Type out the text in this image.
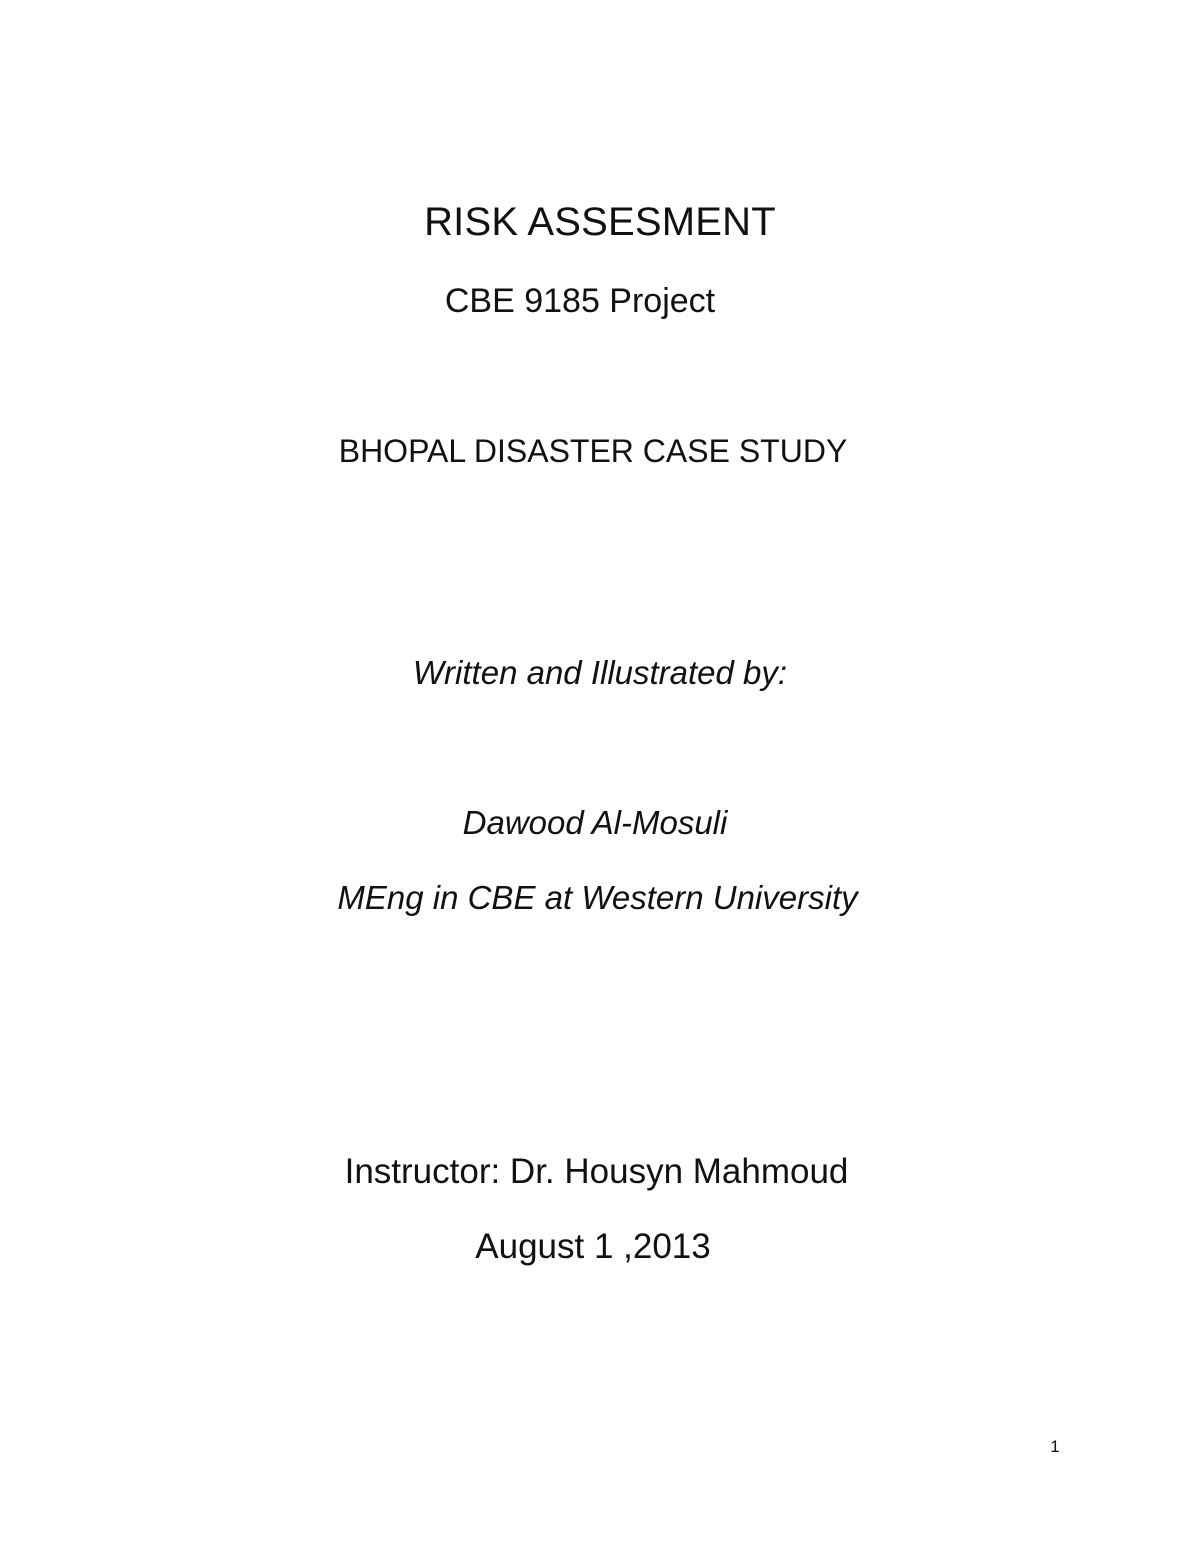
RISK ASSESMENT
CBE 9185 Project
BHOPAL DISASTER CASE STUDY
Written and Illustrated by:
Dawood Al-Mosuli
MEng in CBE at Western University
Instructor: Dr. Housyn Mahmoud
August 1 ,2013
1
